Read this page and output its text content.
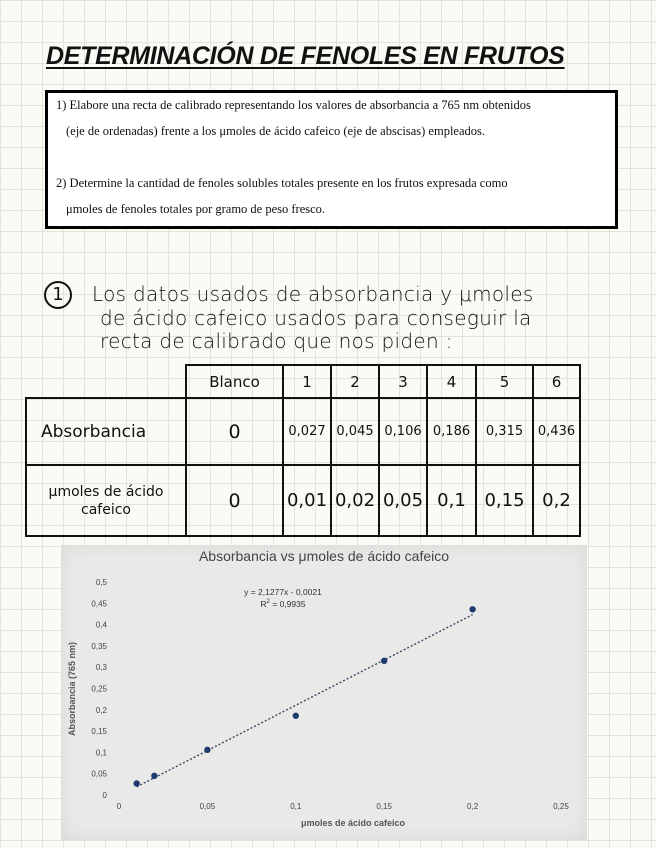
DETERMINACIÓN DE FENOLES EN FRUTOS
1) Elabore una recta de calibrado representando los valores de absorbancia a 765 nm obtenidos
(eje de ordenadas) frente a los μmoles de ácido cafeico (eje de abscisas) empleados.
2) Determine la cantidad de fenoles solubles totales presente en los frutos expresada como
μmoles de fenoles totales por gramo de peso fresco.
1	Los datos usados de absorbancia y μmoles
de ácido cafeico usados para conseguir la
recta de calibrado que nos piden :
	Blanco	1	2	3	4	5	6
Absorbancia	0	0,027	0,045	0,106	0,186	0,315	0,436
μmoles de ácido
cafeico	0	0,01	0,02	0,05	0,1	0,15	0,2
Absorbancia vs μmoles de ácido cafeico
y = 2,1277x - 0,0021
$R^2 = 0,9935$
0
0,05
0,1
0,15
0,2
0,25
0,3
0,35
0,4
0,45
0,5
0	0,05	0,1	0,15	0,2	0,25
μmoles de ácido cafeico
Absorbancia (765 nm)
